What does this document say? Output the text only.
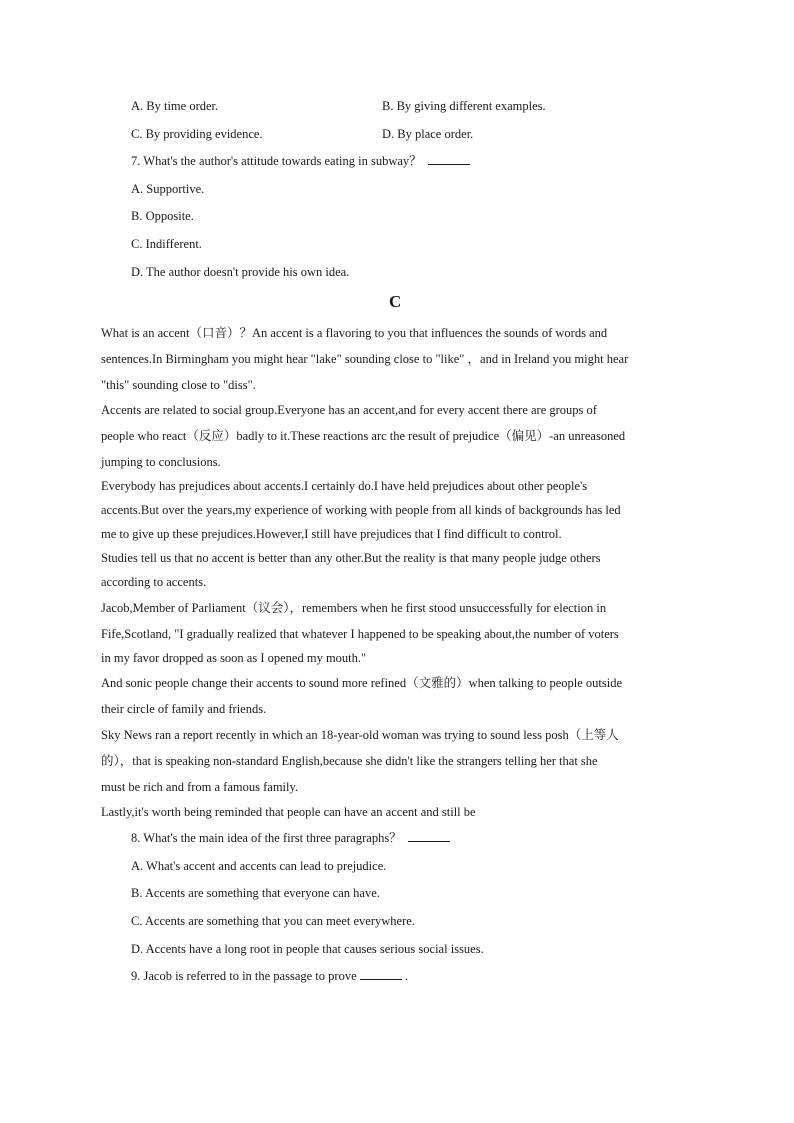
A. By time order.	B. By giving different examples.
C. By providing evidence.	D. By place order.
7. What's the author's attitude towards eating in subway？
A. Supportive.
B. Opposite.
C. Indifferent.
D. The author doesn't provide his own idea.
C
What is an accent（口音）？An accent is a flavoring to you that influences the sounds of words and
sentences.In Birmingham you might hear "lake" sounding close to "like" ，and in Ireland you might hear
"this" sounding close to "diss".
Accents are related to social group.Everyone has an accent,and for every accent there are groups of
people who react（反应）badly to it.These reactions arc the result of prejudice（偏见）-an unreasoned
jumping to conclusions.
Everybody has prejudices about accents.I certainly do.I have held prejudices about other people's
accents.But over the years,my experience of working with people from all kinds of backgrounds has led
me to give up these prejudices.However,I still have prejudices that I find difficult to control.
Studies tell us that no accent is better than any other.But the reality is that many people judge others
according to accents.
Jacob,Member of Parliament（议会），remembers when he first stood unsuccessfully for election in
Fife,Scotland, "I gradually realized that whatever I happened to be speaking about,the number of voters
in my favor dropped as soon as I opened my mouth."
And sonic people change their accents to sound more refined（文雅的）when talking to people outside
their circle of family and friends.
Sky News ran a report recently in which an 18-year-old woman was trying to sound less posh（上等人
的），that is speaking non-standard English,because she didn't like the strangers telling her that she
must be rich and from a famous family.
Lastly,it's worth being reminded that people can have an accent and still be
8. What's the main idea of the first three paragraphs？
A. What's accent and accents can lead to prejudice.
B. Accents are something that everyone can have.
C. Accents are something that you can meet everywhere.
D. Accents have a long root in people that causes serious social issues.
9. Jacob is referred to in the passage to prove	.
